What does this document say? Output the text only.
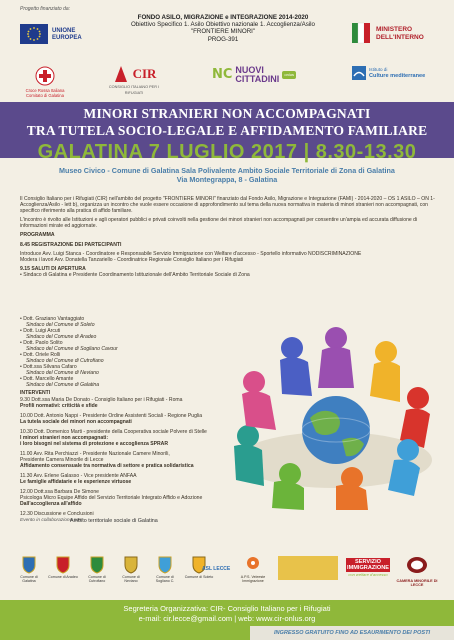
Progetto finanziato da:
UNIONE EUROPEA
FONDO ASILO, MIGRAZIONE e INTEGRAZIONE 2014-2020
Obiettivo Specifico 1. Asilo Obiettivo nazionale 1. Accoglienza/Asilo
"FRONTIERE MINORI"
PROG-391
MINISTERO DELL'INTERNO
Croce Rossa Italiana Comitato di Galatina
CIR
CONSIGLIO ITALIANO PER I RIFUGIATI
NC NUOVI CITTADINI	onlus
Istituto di
Culture mediterranee
MINORI STRANIERI NON ACCOMPAGNATI
TRA TUTELA SOCIO-LEGALE E AFFIDAMENTO FAMILIARE
GALATINA 7 LUGLIO 2017 | 8.30-13.30
Museo Civico - Comune di Galatina Sala Polivalente Ambito Sociale Territoriale di Zona di Galatina
Via Montegrappa, 8 - Galatina

Il Consiglio Italiano per i Rifugiati (CIR) nell'ambito del progetto "FRONTIERE MINORI" finanziato dal Fondo Asilo, Migrazione e Integrazione (FAMI) - 2014-2020 – OS 1 ASILO – ON 1- Accoglienza/Asilo - lett b), organizza un incontro che vuole essere occasione di approfondimento sul tema della nuova normativa in materia di minori stranieri non accompagnati, con specifico riferimento alla pratica di affido familiare.

L'incontro è rivolto alle Istituzioni e agli operatori pubblici e privati coinvolti nella gestione dei minori stranieri non accompagnati per consentire un'ampia ed accurata diffusione di informazioni mirate ed aggiornate.

PROGRAMMA

8.45 REGISTRAZIONE DEI PARTECIPANTI

Introduce Avv. Luigi Stanca - Coordinatore e Responsabile Servizio Immigrazione con Welfare d'accesso - Sportello informativo NODISCRIMINAZIONE
Modera i lavori Avv. Donatella Tanzariello - Coordinatrice Regionale Consiglio Italiano per i Rifugiati
9.15 SALUTI DI APERTURA
• Sindaco di Galatina e Presidente Coordinamento Istituzionale dell'Ambito Territoriale Sociale di Zona
• Dott. Graziano Vantaggiato
Sindaco del Comune di Soleto
• Dott. Luigi Arcuti
Sindaco del Comune di Aradeo
• Dott. Paolo Solito
Sindaco del Comune di Sogliano Cavour
• Dott. Oriele Rolli
Sindaco del Comune di Cutrofiano
• Dott.ssa Silvana Cafaro
Sindaco del Comune di Neviano
• Dott. Marcello Amante
Sindaco del Comune di Galatina
INTERVENTI
9.30 Dott.ssa Maria De Donato - Consiglio Italiano per i Rifugiati - Roma
Profili normativi: criticità e sfide
10.00 Dott. Antonio Nappi - Presidente Ordine Assistenti Sociali - Regione Puglia
La tutela sociale dei minori non accompagnati
10.30 Dott. Domenico Marti - presidente della Cooperativa sociale Polvere di Stelle
I minori stranieri non accompagnati:
i loro bisogni nel sistema di protezione e accoglienza SPRAR
11.00 Avv. Rita Perchiazzi - Presidente Nazionale Camere Minorili,
Presidente Camera Minorile di Lecce
Affidamento consensuale tra normativa di settore e pratica solidaristica
11.30 Avv. Erlene Galasso - Vice presidente ANFAA
Le famiglie affidatarie e le esperienze virtuose
12.00 Dott.ssa Barbara De Simone
Psicologa Micro Equipe Affido del Servizio Territoriale Integrato Affido e Adozione
Dall'accoglienza all'affido
12.30 Discussione e Conclusioni
Evento in collaborazione con:
Ambito territoriale sociale di Galatina
Comune di Galatina
Comune di Aradeo	Comune di Cutrofiano
Comune di Neviano
Comune di Sogliano C.
Comune di Soleto
ASL LECCE
A.P.S. Veleeste Immigrazione
SERVIZIO IMMIGRAZIONE
con welfare d'accesso
CAMERA MINORILE DI LECCE
Segreteria Organizzativa: CIR- Consiglio Italiano per i Rifugiati
e-mail: cir.lecce@gmail.com | web: www.cir-onlus.org
INGRESSO GRATUITO FINO AD ESAURIMENTO DEI POSTI
